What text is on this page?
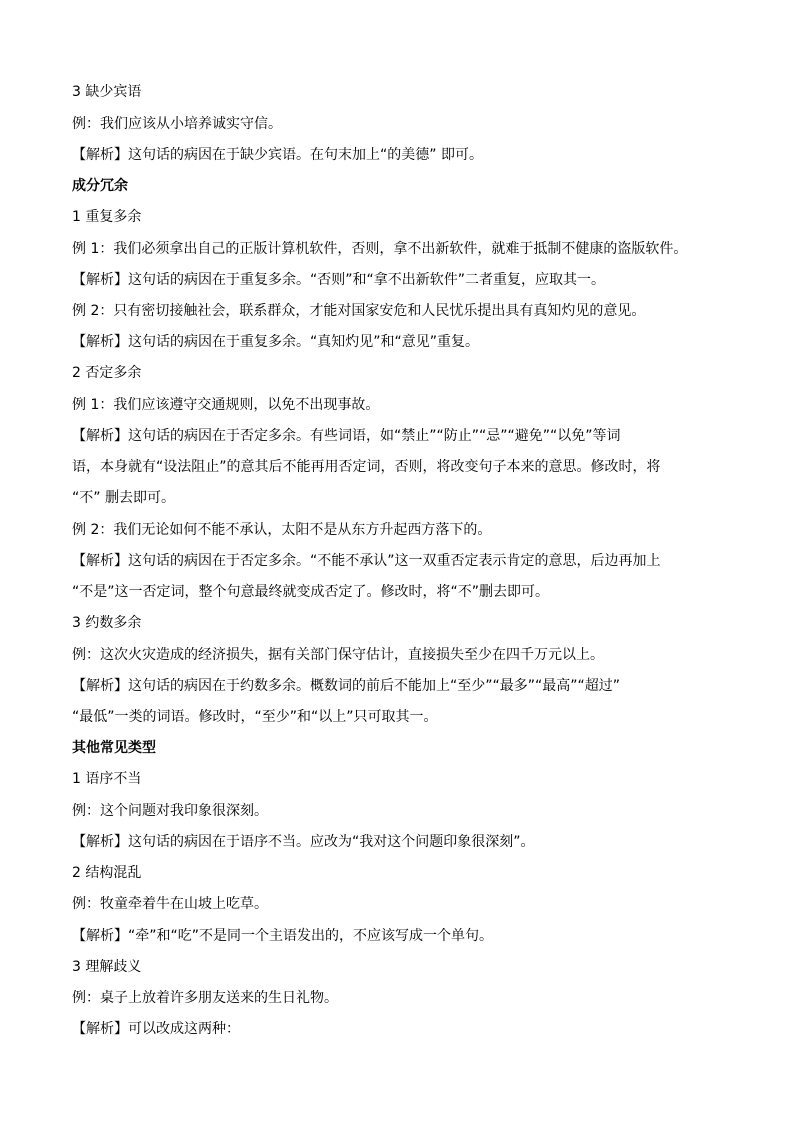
3 缺少宾语
例：我们应该从小培养诚实守信。
【解析】这句话的病因在于缺少宾语。在句末加上“的美德” 即可。
成分冗余
1 重复多余
例 1：我们必须拿出自己的正版计算机软件，否则，拿不出新软件，就难于抵制不健康的盗版软件。
【解析】这句话的病因在于重复多余。“否则”和“拿不出新软件”二者重复，应取其一。
例 2：只有密切接触社会，联系群众，才能对国家安危和人民忧乐提出具有真知灼见的意见。
【解析】这句话的病因在于重复多余。“真知灼见”和“意见”重复。
2 否定多余
例 1：我们应该遵守交通规则，以免不出现事故。
【解析】这句话的病因在于否定多余。有些词语，如“禁止”“防止”“忌”“避免”“以免”等词
语，本身就有“设法阻止”的意其后不能再用否定词，否则，将改变句子本来的意思。修改时，将
“不” 删去即可。
例 2：我们无论如何不能不承认，太阳不是从东方升起西方落下的。
【解析】这句话的病因在于否定多余。“不能不承认”这一双重否定表示肯定的意思，后边再加上
“不是”这一否定词，整个句意最终就变成否定了。修改时，将“不”删去即可。
3 约数多余
例：这次火灾造成的经济损失，据有关部门保守估计，直接损失至少在四千万元以上。
【解析】这句话的病因在于约数多余。概数词的前后不能加上“至少”“最多”“最高”“超过”
“最低”一类的词语。修改时，“至少”和“以上”只可取其一。
其他常见类型
1 语序不当
例：这个问题对我印象很深刻。
【解析】这句话的病因在于语序不当。应改为“我对这个问题印象很深刻”。
2 结构混乱
例：牧童牵着牛在山坡上吃草。
【解析】“牵”和“吃”不是同一个主语发出的，不应该写成一个单句。
3 理解歧义
例：桌子上放着许多朋友送来的生日礼物。
【解析】可以改成这两种：
